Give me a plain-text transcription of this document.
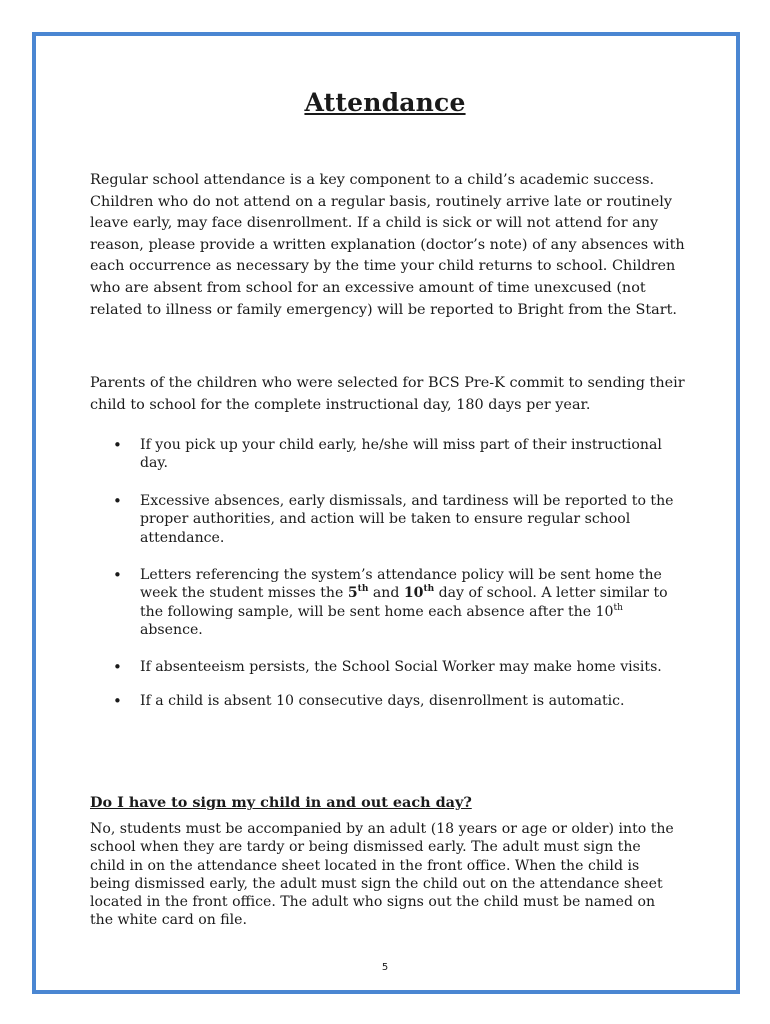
Attendance

Regular school attendance is a key component to a child’s academic success. Children who do not attend on a regular basis, routinely arrive late or routinely leave early, may face disenrollment. If a child is sick or will not attend for any reason, please provide a written explanation (doctor’s note) of any absences with each occurrence as necessary by the time your child returns to school. Children who are absent from school for an excessive amount of time unexcused (not related to illness or family emergency) will be reported to Bright from the Start.

Parents of the children who were selected for BCS Pre-K commit to sending their child to school for the complete instructional day, 180 days per year.

• If you pick up your child early, he/she will miss part of their instructional day.
• Excessive absences, early dismissals, and tardiness will be reported to the proper authorities, and action will be taken to ensure regular school attendance.
• Letters referencing the system’s attendance policy will be sent home the week the student misses the 5th and 10th day of school. A letter similar to the following sample, will be sent home each absence after the 10th absence.
• If absenteeism persists, the School Social Worker may make home visits.
• If a child is absent 10 consecutive days, disenrollment is automatic.
Do I have to sign my child in and out each day?

No, students must be accompanied by an adult (18 years or age or older) into the school when they are tardy or being dismissed early. The adult must sign the child in on the attendance sheet located in the front office. When the child is being dismissed early, the adult must sign the child out on the attendance sheet located in the front office. The adult who signs out the child must be named on the white card on file.

5
